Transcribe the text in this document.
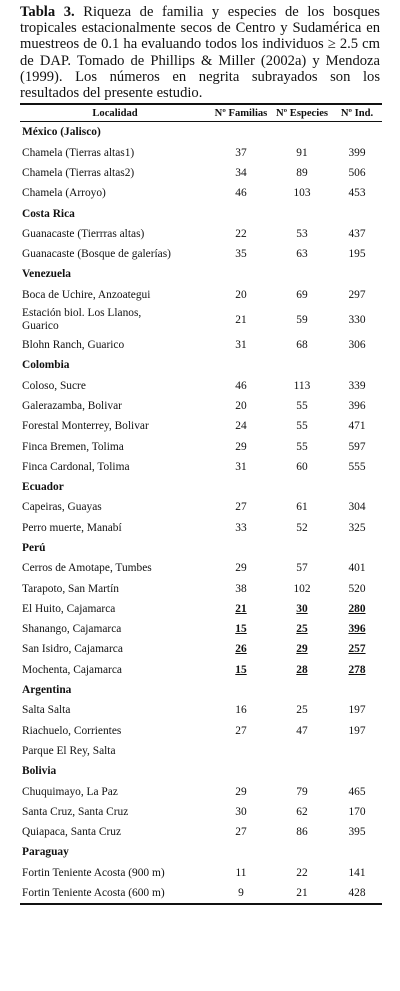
Tabla 3. Riqueza de familia y especies de los bosques tropicales estacionalmente secos de Centro y Sudamérica en muestreos de 0.1 ha evaluando todos los individuos ≥ 2.5 cm de DAP. Tomado de Phillips & Miller (2002a) y Mendoza (1999). Los números en negrita subrayados son los resultados del presente estudio.

Localidad	Nº Familias	Nº Especies	Nº Ind.
México (Jalisco)			
Chamela (Tierras altas1)	37	91	399
Chamela (Tierras altas2)	34	89	506
Chamela (Arroyo)	46	103	453
Costa Rica			
Guanacaste (Tierrras altas)	22	53	437
Guanacaste (Bosque de galerías)	35	63	195
Venezuela			
Boca de Uchire, Anzoategui	20	69	297
Estación biol. Los Llanos,
Guarico	21	59	330
Blohn Ranch, Guarico	31	68	306
Colombia			
Coloso, Sucre	46	113	339
Galerazamba, Bolivar	20	55	396
Forestal Monterrey, Bolivar	24	55	471
Finca Bremen, Tolima	29	55	597
Finca Cardonal, Tolima	31	60	555
Ecuador			
Capeiras, Guayas	27	61	304
Perro muerte, Manabí	33	52	325
Perú			
Cerros de Amotape, Tumbes	29	57	401
Tarapoto, San Martín	38	102	520
El Huito, Cajamarca	21	30	280
Shanango, Cajamarca	15	25	396
San Isidro, Cajamarca	26	29	257
Mochenta, Cajamarca	15	28	278
Argentina			
Salta Salta	16	25	197
Riachuelo, Corrientes	27	47	197
Parque El Rey, Salta			
Bolivia			
Chuquimayo, La Paz	29	79	465
Santa Cruz, Santa Cruz	30	62	170
Quiapaca, Santa Cruz	27	86	395
Paraguay			
Fortin Teniente Acosta (900 m)	11	22	141
Fortin Teniente Acosta (600 m)	9	21	428
